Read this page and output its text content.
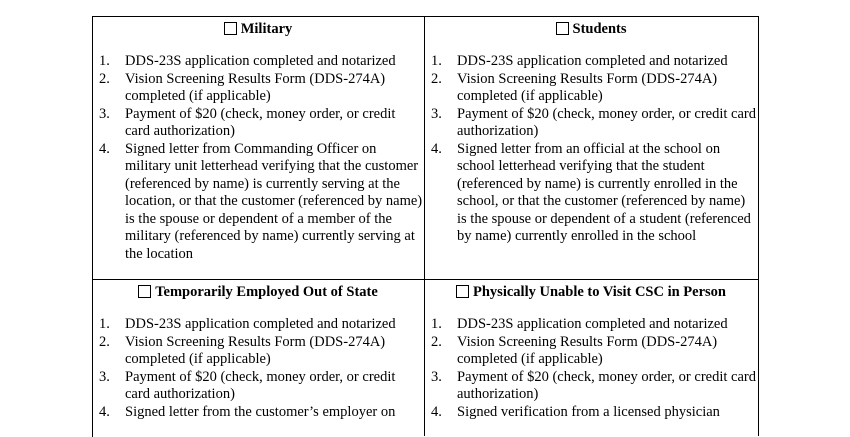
Military
1. DDS-23S application completed and notarized
2. Vision Screening Results Form (DDS-274A) completed (if applicable)
3. Payment of $20 (check, money order, or credit card authorization)
4. Signed letter from Commanding Officer on military unit letterhead verifying that the customer (referenced by name) is currently serving at the location, or that the customer (referenced by name) is the spouse or dependent of a member of the military (referenced by name) currently serving at the location
Students
1. DDS-23S application completed and notarized
2. Vision Screening Results Form (DDS-274A) completed (if applicable)
3. Payment of $20 (check, money order, or credit card authorization)
4. Signed letter from an official at the school on school letterhead verifying that the student (referenced by name) is currently enrolled in the school, or that the customer (referenced by name) is the spouse or dependent of a student (referenced by name) currently enrolled in the school
Temporarily Employed Out of State
1. DDS-23S application completed and notarized
2. Vision Screening Results Form (DDS-274A) completed (if applicable)
3. Payment of $20 (check, money order, or credit card authorization)
4. Signed letter from the customer’s employer on
Physically Unable to Visit CSC in Person
1. DDS-23S application completed and notarized
2. Vision Screening Results Form (DDS-274A) completed (if applicable)
3. Payment of $20 (check, money order, or credit card authorization)
4. Signed verification from a licensed physician
